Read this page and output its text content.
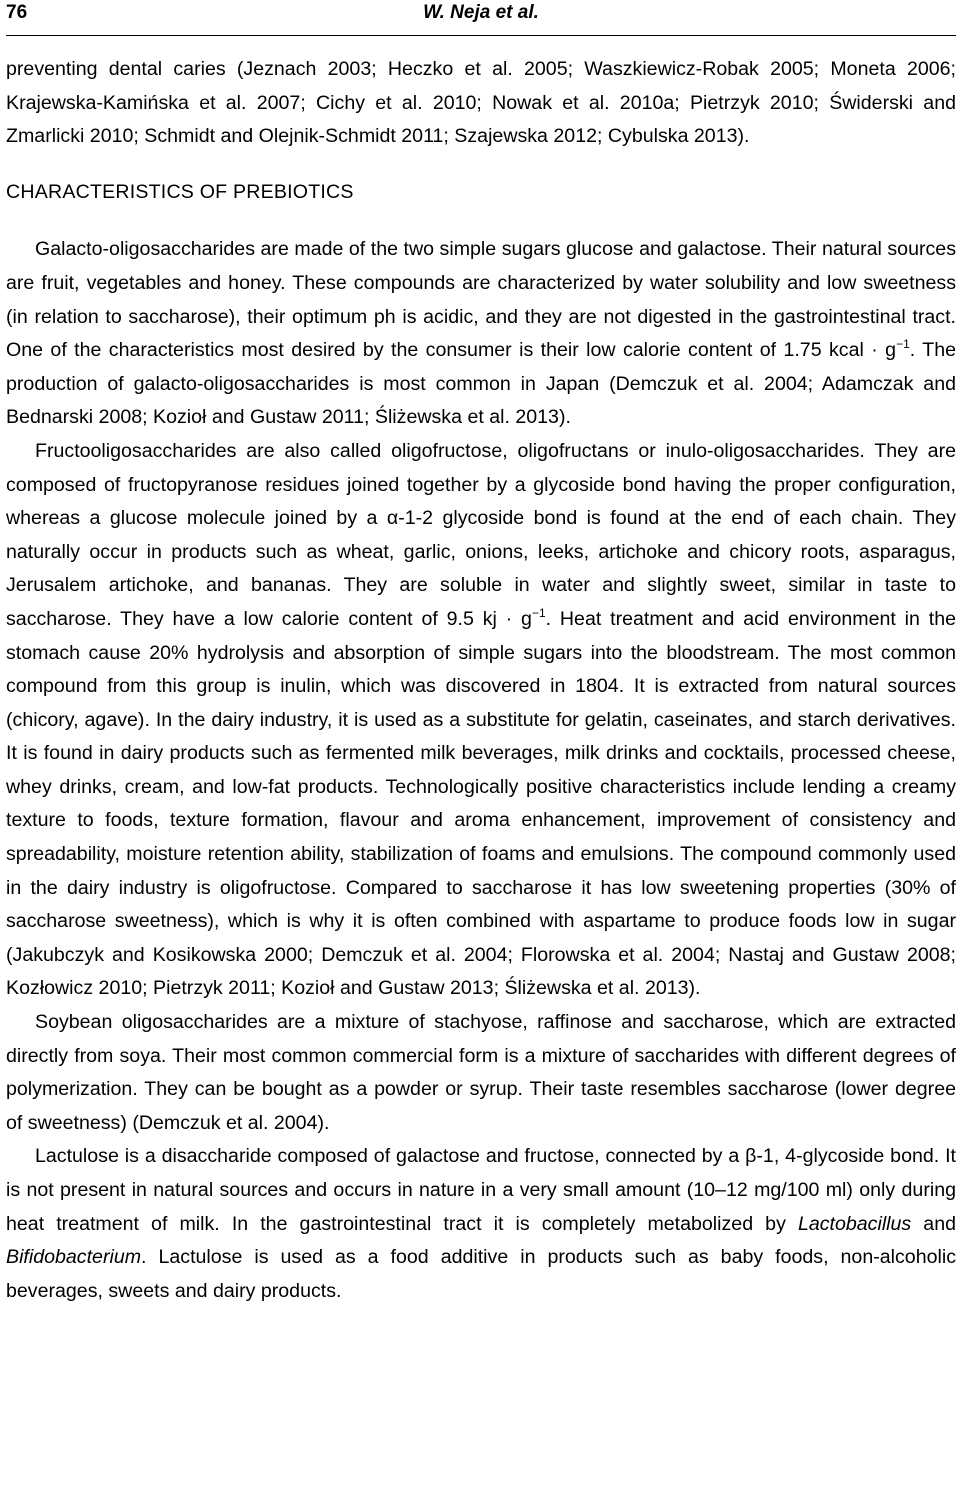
76	W. Neja et al.

preventing dental caries (Jeznach 2003; Heczko et al. 2005; Waszkiewicz-Robak 2005; Moneta 2006; Krajewska-Kamińska et al. 2007; Cichy et al. 2010; Nowak et al. 2010a; Pietrzyk 2010; Świderski and Zmarlicki 2010; Schmidt and Olejnik-Schmidt 2011; Szajewska 2012; Cybulska 2013).

CHARACTERISTICS OF PREBIOTICS

Galacto-oligosaccharides are made of the two simple sugars glucose and galactose. Their natural sources are fruit, vegetables and honey. These compounds are characterized by water solubility and low sweetness (in relation to saccharose), their optimum ph is acidic, and they are not digested in the gastrointestinal tract. One of the characteristics most desired by the consumer is their low calorie content of 1.75 kcal · $g^{-1}$. The production of galacto-oligosaccharides is most common in Japan (Demczuk et al. 2004; Adamczak and Bednarski 2008; Kozioł and Gustaw 2011; Śliżewska et al. 2013).

Fructooligosaccharides are also called oligofructose, oligofructans or inulo-oligosaccharides. They are composed of fructopyranose residues joined together by a glycoside bond having the proper configuration, whereas a glucose molecule joined by a α-1-2 glycoside bond is found at the end of each chain. They naturally occur in products such as wheat, garlic, onions, leeks, artichoke and chicory roots, asparagus, Jerusalem artichoke, and bananas. They are soluble in water and slightly sweet, similar in taste to saccharose. They have a low calorie content of 9.5 kj · $g^{-1}$. Heat treatment and acid environment in the stomach cause 20% hydrolysis and absorption of simple sugars into the bloodstream. The most common compound from this group is inulin, which was discovered in 1804. It is extracted from natural sources (chicory, agave). In the dairy industry, it is used as a substitute for gelatin, caseinates, and starch derivatives. It is found in dairy products such as fermented milk beverages, milk drinks and cocktails, processed cheese, whey drinks, cream, and low-fat products. Technologically positive characteristics include lending a creamy texture to foods, texture formation, flavour and aroma enhancement, improvement of consistency and spreadability, moisture retention ability, stabilization of foams and emulsions. The compound commonly used in the dairy industry is oligofructose. Compared to saccharose it has low sweetening properties (30% of saccharose sweetness), which is why it is often combined with aspartame to produce foods low in sugar (Jakubczyk and Kosikowska 2000; Demczuk et al. 2004; Florowska et al. 2004; Nastaj and Gustaw 2008; Kozłowicz 2010; Pietrzyk 2011; Kozioł and Gustaw 2013; Śliżewska et al. 2013).

Soybean oligosaccharides are a mixture of stachyose, raffinose and saccharose, which are extracted directly from soya. Their most common commercial form is a mixture of saccharides with different degrees of polymerization. They can be bought as a powder or syrup. Their taste resembles saccharose (lower degree of sweetness) (Demczuk et al. 2004).

Lactulose is a disaccharide composed of galactose and fructose, connected by a β-1, 4-glycoside bond. It is not present in natural sources and occurs in nature in a very small amount (10–12 mg/100 ml) only during heat treatment of milk. In the gastrointestinal tract it is completely metabolized by Lactobacillus and Bifidobacterium. Lactulose is used as a food additive in products such as baby foods, non-alcoholic beverages, sweets and dairy products.
